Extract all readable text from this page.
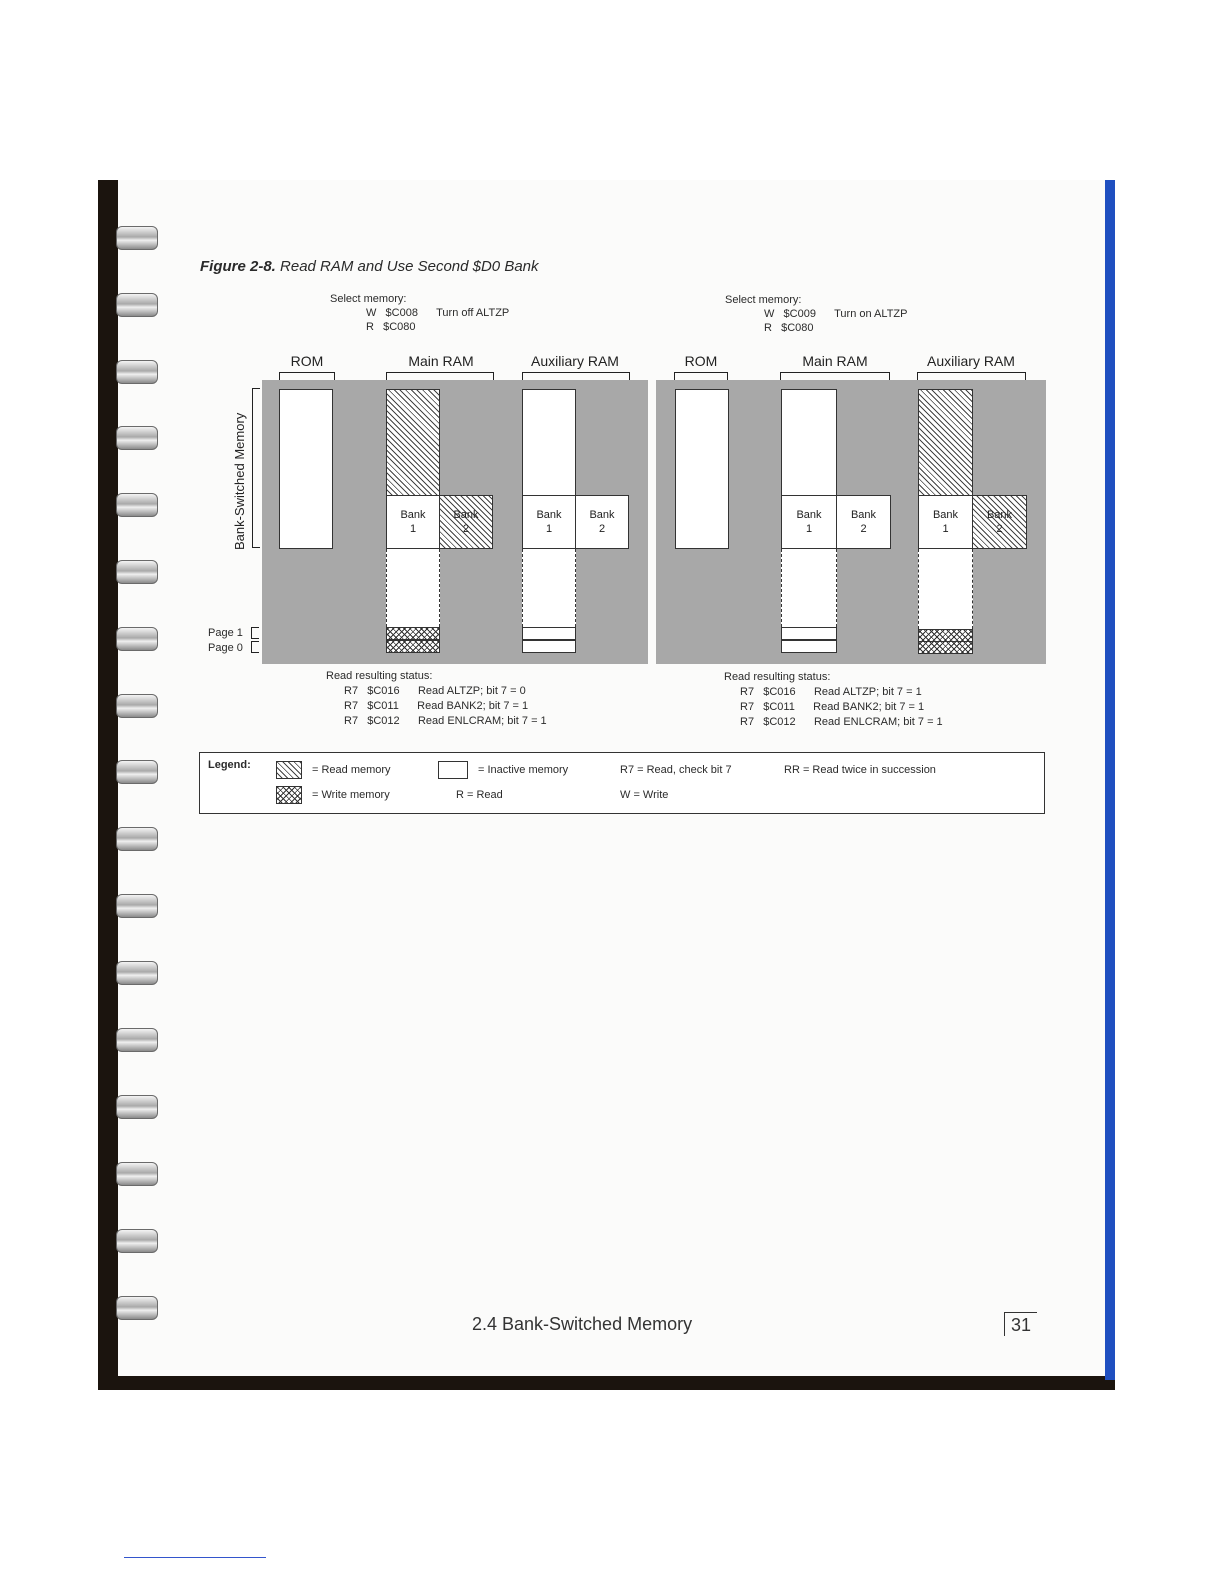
Figure 2-8. Read RAM and Use Second $D0 Bank
Select memory:
W   $C008      Turn off ALTZP
R   $C080
Select memory:
W   $C009      Turn on ALTZP
R   $C080
ROM	Main RAM	Auxiliary RAM	ROM	Main RAM	Auxiliary RAM
Bank-Switched Memory
Page 1
Page 0
Bank
1
Bank
2
Bank
1
Bank
2
Bank
1
Bank
2
Bank
1
Bank
2
Read resulting status:
R7   $C016      Read ALTZP; bit 7 = 0
R7   $C011      Read BANK2; bit 7 = 1
R7   $C012      Read ENLCRAM; bit 7 = 1
Read resulting status:
R7   $C016      Read ALTZP; bit 7 = 1
R7   $C011      Read BANK2; bit 7 = 1
R7   $C012      Read ENLCRAM; bit 7 = 1
Legend:	= Read memory
= Write memory
= Inactive memory
R = Read
R7 = Read, check bit 7
W = Write
RR = Read twice in succession
2.4 Bank-Switched Memory	31
